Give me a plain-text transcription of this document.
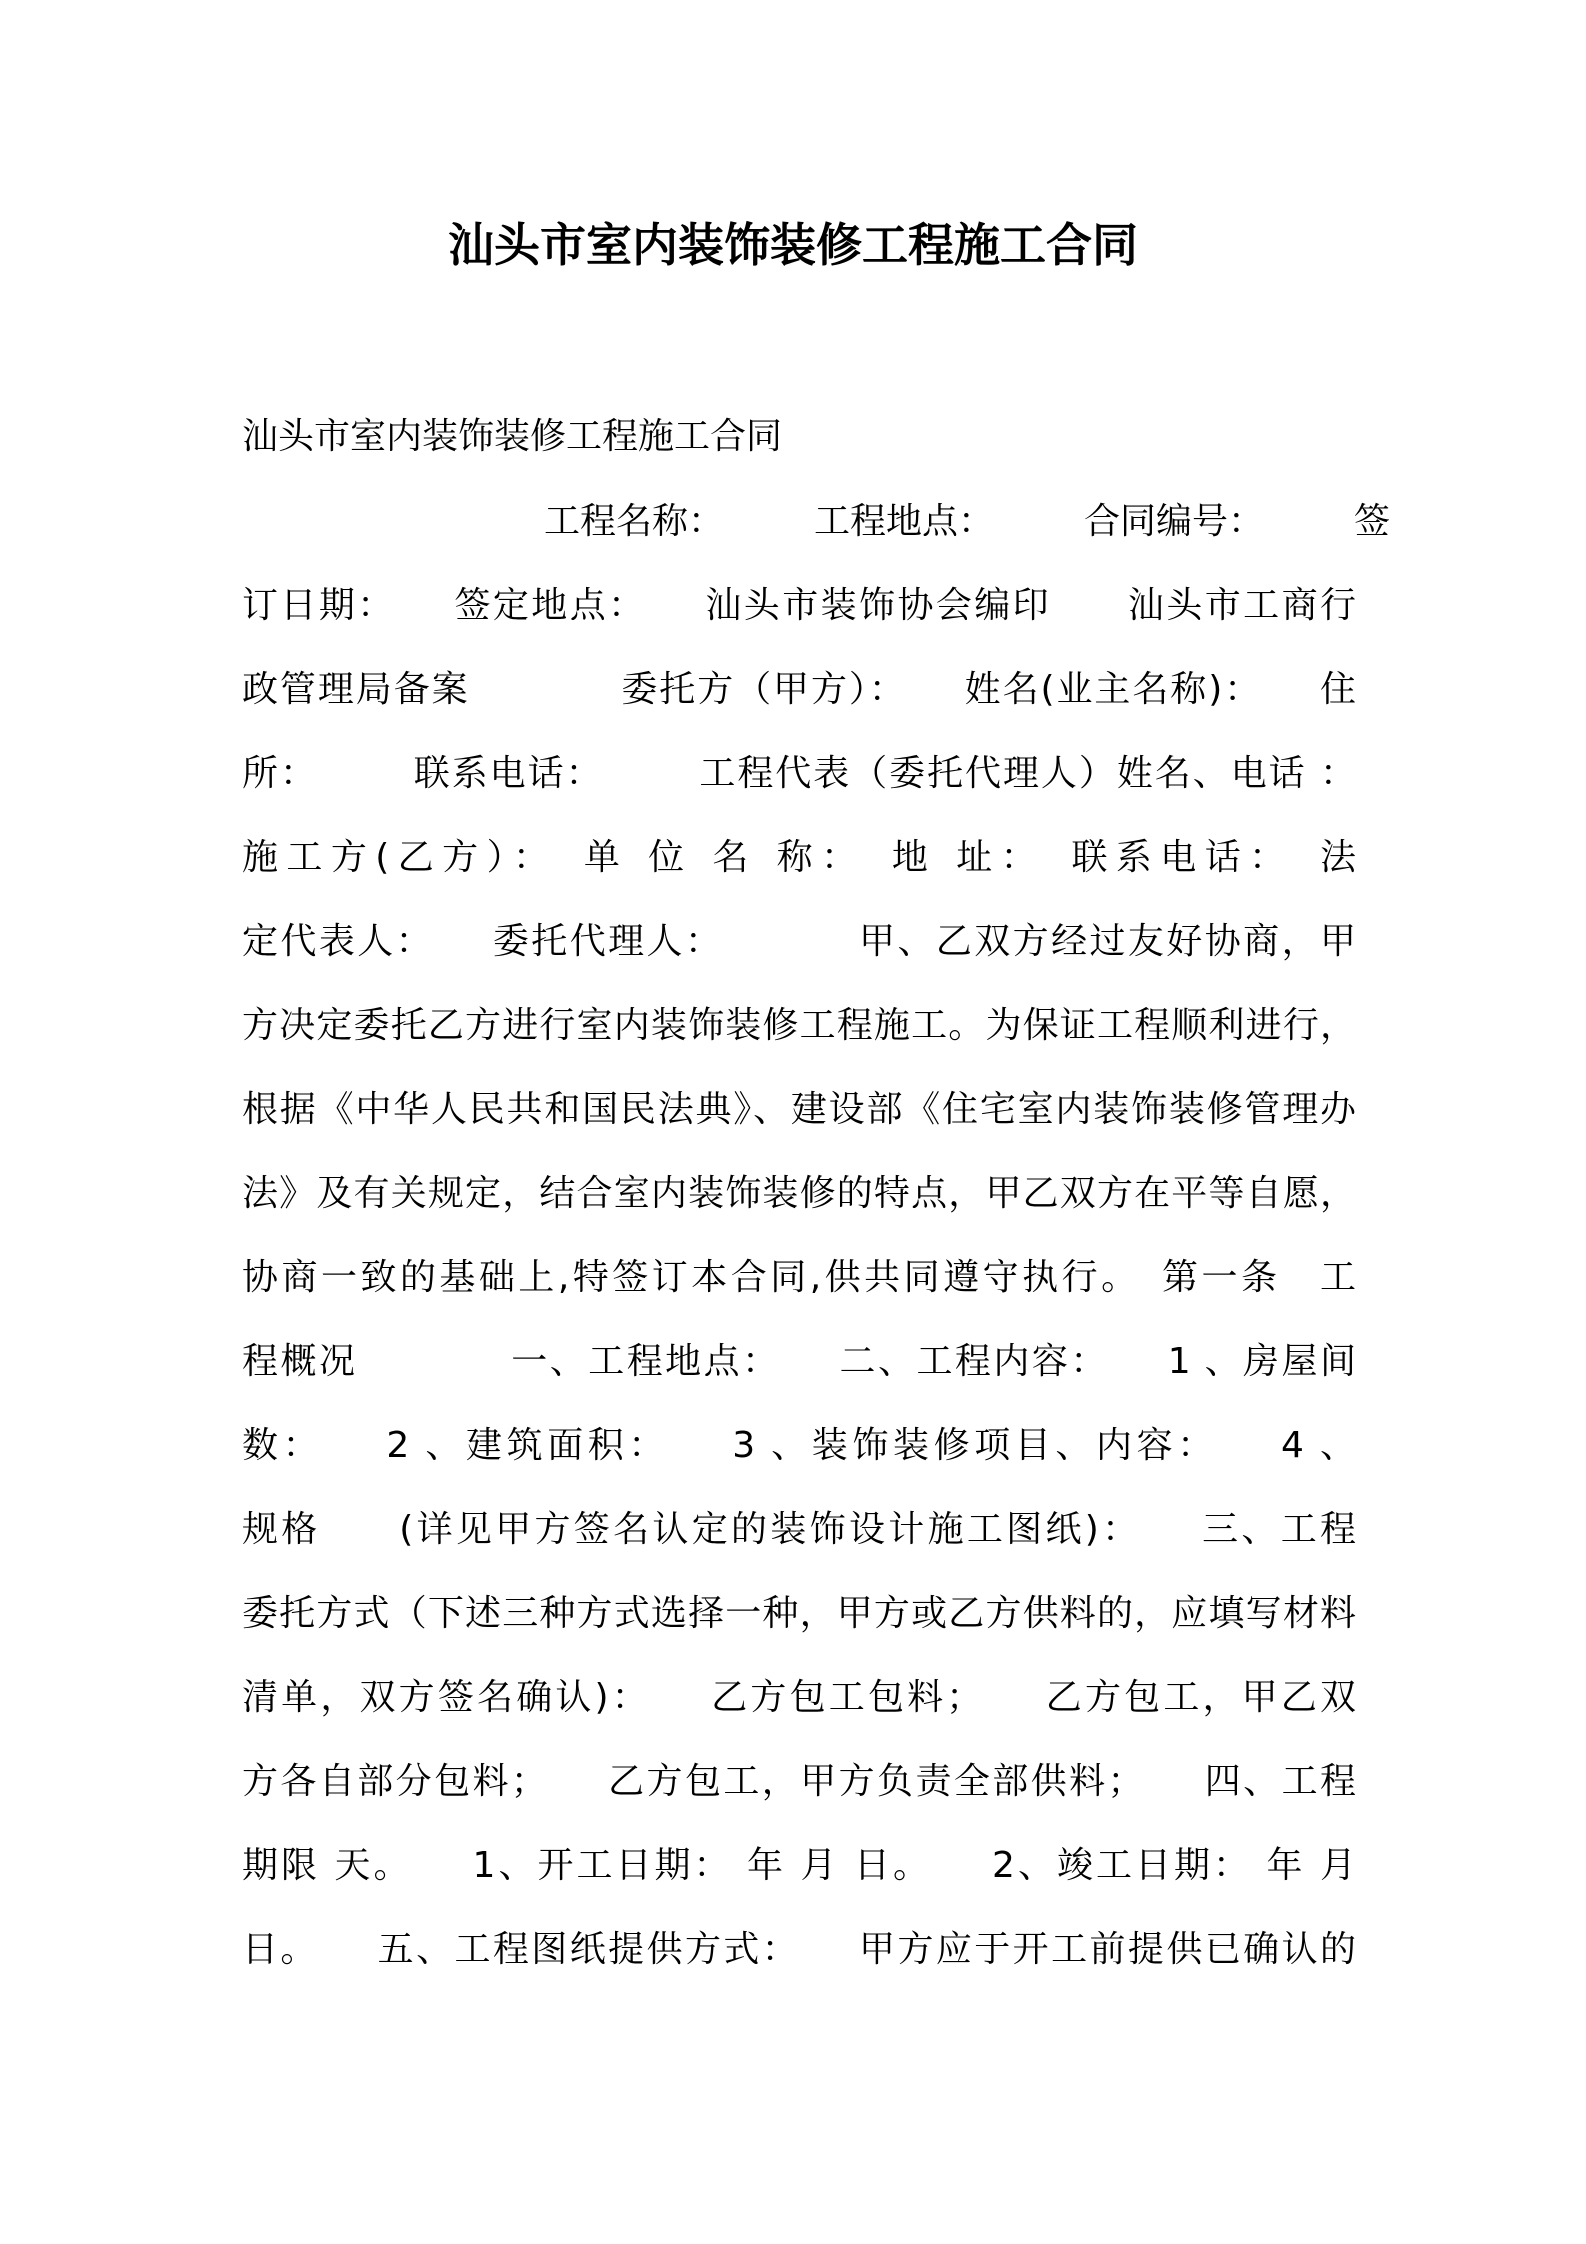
汕头市室内装饰装修工程施工合同
汕头市室内装饰装修工程施工合同
工程名称：　　　工程地点：　　　合同编号：　　　签
订日期：　　签定地点：　　汕头市装饰协会编印　　汕头市工商行
政管理局备案　　　　委托方（甲方）：　　姓名(业主名称)：　　住
所：　　　联系电话：　　　工程代表（委托代理人）姓名、电话 ：
施工方(乙方）：　单 位 名 称：　地 址：　联系电话：　法
定代表人：　　委托代理人：　　　　甲、乙双方经过友好协商，甲
方决定委托乙方进行室内装饰装修工程施工。为保证工程顺利进行，
根据《中华人民共和国民法典》、建设部《住宅室内装饰装修管理办
法》及有关规定，结合室内装饰装修的特点，甲乙双方在平等自愿，
协商一致的基础上,特签订本合同,供共同遵守执行。　第一条　工
程概况　　　　一、工程地点：　　二、工程内容：　　1 、房屋间
数：　　2 、建筑面积：　　3 、装饰装修项目、内容：　　4 、
规格　　(详见甲方签名认定的装饰设计施工图纸)：　　三、工程
委托方式（下述三种方式选择一种，甲方或乙方供料的，应填写材料
清单，双方签名确认)：　　乙方包工包料；　　乙方包工，甲乙双
方各自部分包料；　　乙方包工，甲方负责全部供料；　　四、工程
期限 天。　　1、开工日期： 年 月 日。　　2、竣工日期： 年 月
日。　　五、工程图纸提供方式：　　甲方应于开工前提供已确认的
